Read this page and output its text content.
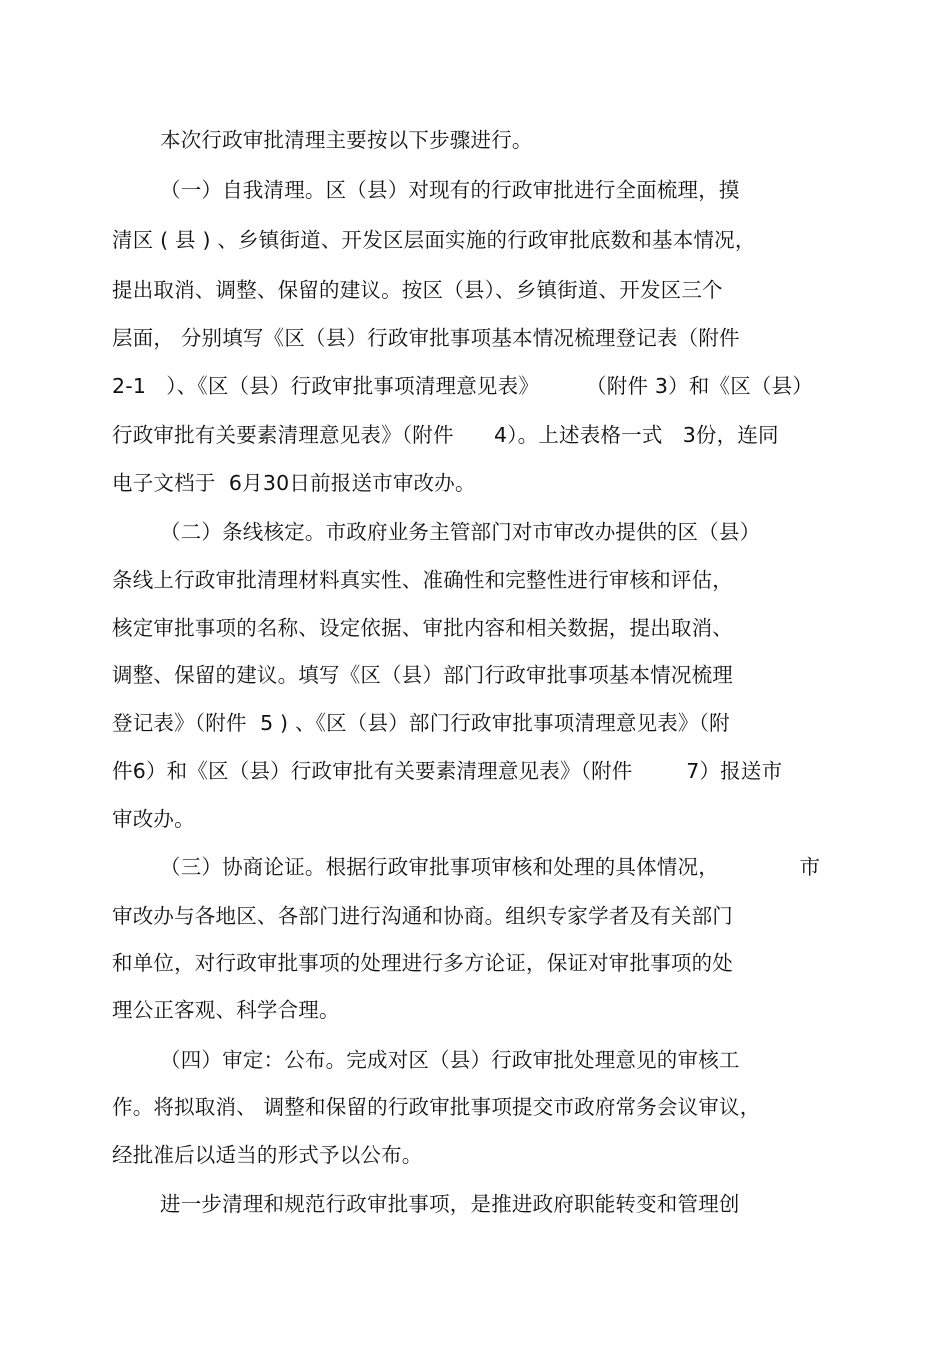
本次行政审批清理主要按以下步骤进行。
（一）自我清理。区（县）对现有的行政审批进行全面梳理，摸
清区 ( 县 ) 、乡镇街道、开发区层面实施的行政审批底数和基本情况，
提出取消、调整、保留的建议。按区（县）、乡镇街道、开发区三个
层面， 分别填写《区（县）行政审批事项基本情况梳理登记表（附件
2-1   ）、《区（县）行政审批事项清理意见表》       （附件 3）和《区（县）
行政审批有关要素清理意见表》（附件      4）。上述表格一式   3份，连同
电子文档于  6月30日前报送市审改办。
（二）条线核定。市政府业务主管部门对市审改办提供的区（县）
条线上行政审批清理材料真实性、准确性和完整性进行审核和评估，
核定审批事项的名称、设定依据、审批内容和相关数据，提出取消、
调整、保留的建议。填写《区（县）部门行政审批事项基本情况梳理
登记表》（附件  5 ) 、《区（县）部门行政审批事项清理意见表》（附
件6）和《区（县）行政审批有关要素清理意见表》（附件        7）报送市
审改办。
（三）协商论证。根据行政审批事项审核和处理的具体情况，            市
审改办与各地区、各部门进行沟通和协商。组织专家学者及有关部门
和单位，对行政审批事项的处理进行多方论证，保证对审批事项的处
理公正客观、科学合理。
（四）审定：公布。完成对区（县）行政审批处理意见的审核工
作。将拟取消、 调整和保留的行政审批事项提交市政府常务会议审议，
经批准后以适当的形式予以公布。
进一步清理和规范行政审批事项，是推进政府职能转变和管理创
